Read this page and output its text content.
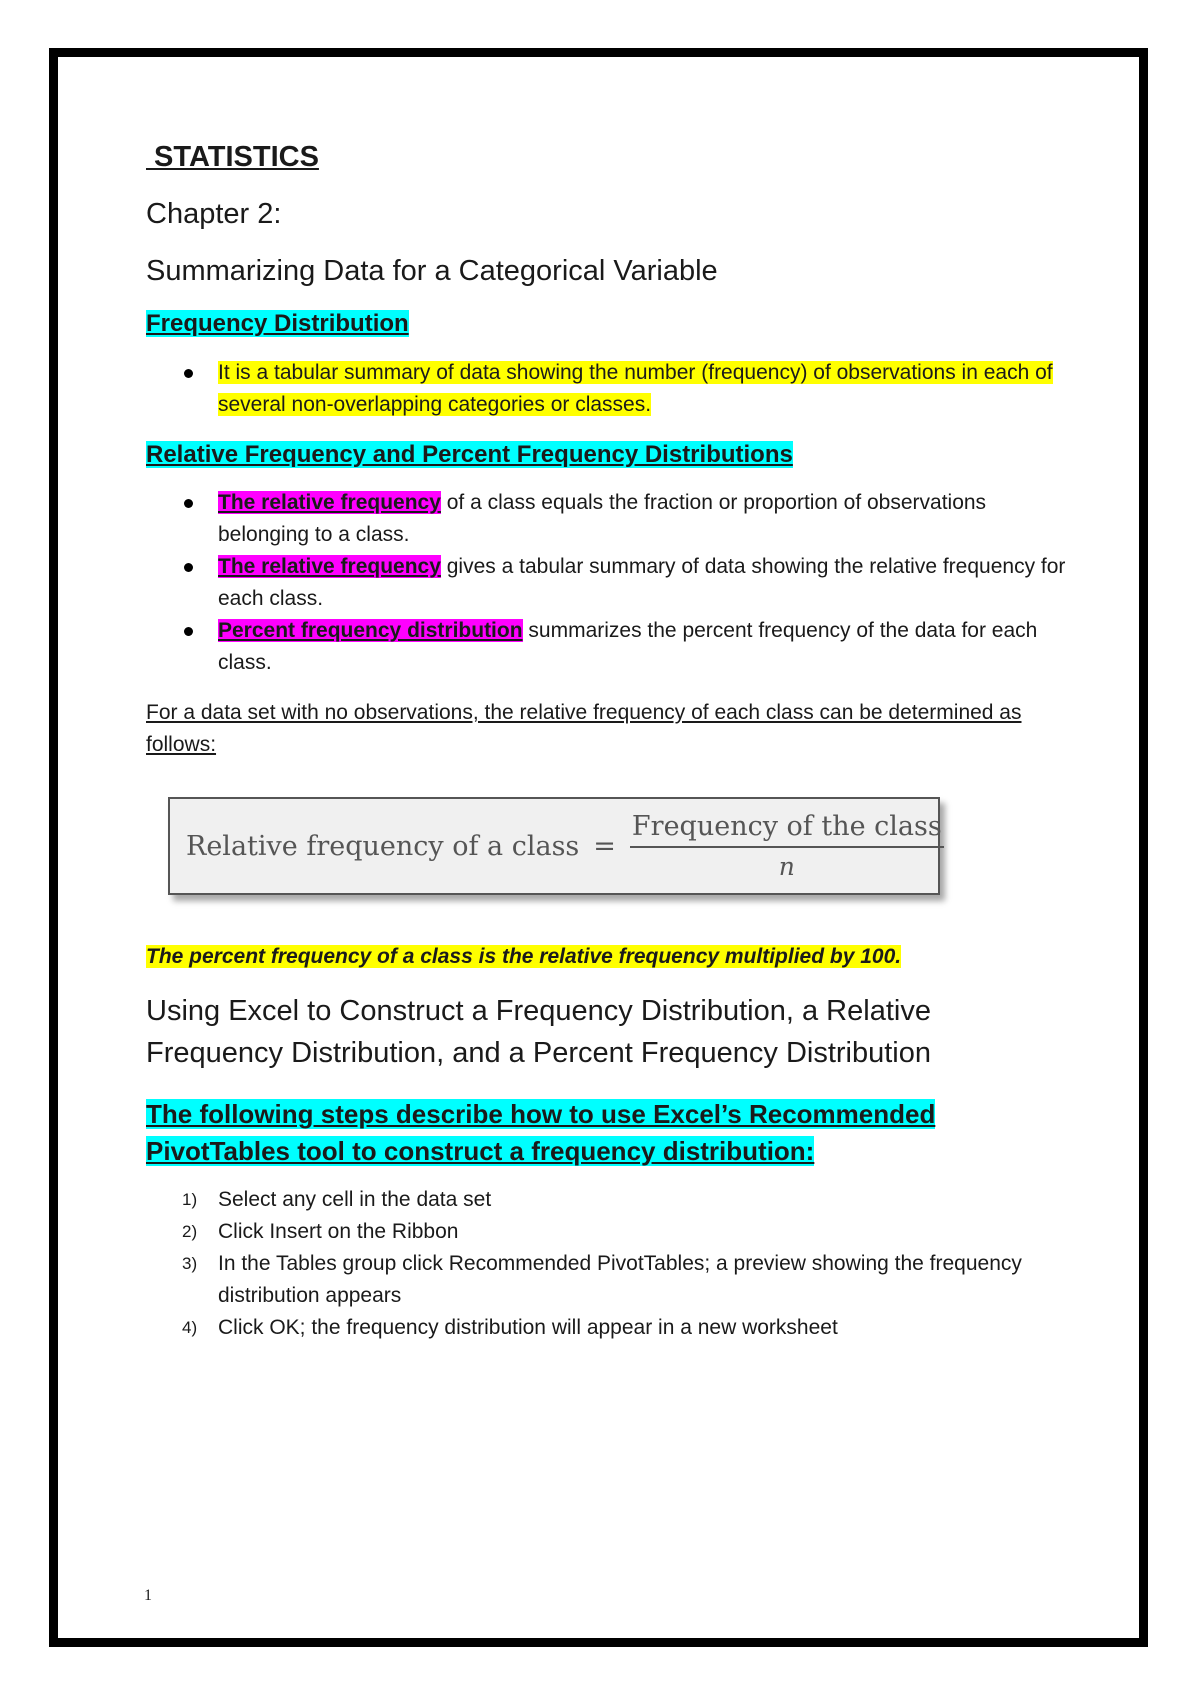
STATISTICS
Chapter 2:
Summarizing Data for a Categorical Variable
Frequency Distribution
It is a tabular summary of data showing the number (frequency) of observations in each of several non-overlapping categories or classes.
Relative Frequency and Percent Frequency Distributions
The relative frequency of a class equals the fraction or proportion of observations belonging to a class.
The relative frequency gives a tabular summary of data showing the relative frequency for each class.
Percent frequency distribution summarizes the percent frequency of the data for each class.
For a data set with no observations, the relative frequency of each class can be determined as follows:
Relative frequency of a class = $\frac{\text{Frequency of the class}}{n}$
The percent frequency of a class is the relative frequency multiplied by 100.
Using Excel to Construct a Frequency Distribution, a Relative Frequency Distribution, and a Percent Frequency Distribution
The following steps describe how to use Excel’s Recommended PivotTables tool to construct a frequency distribution:
1) Select any cell in the data set
2) Click Insert on the Ribbon
3) In the Tables group click Recommended PivotTables; a preview showing the frequency distribution appears
4) Click OK; the frequency distribution will appear in a new worksheet
1
